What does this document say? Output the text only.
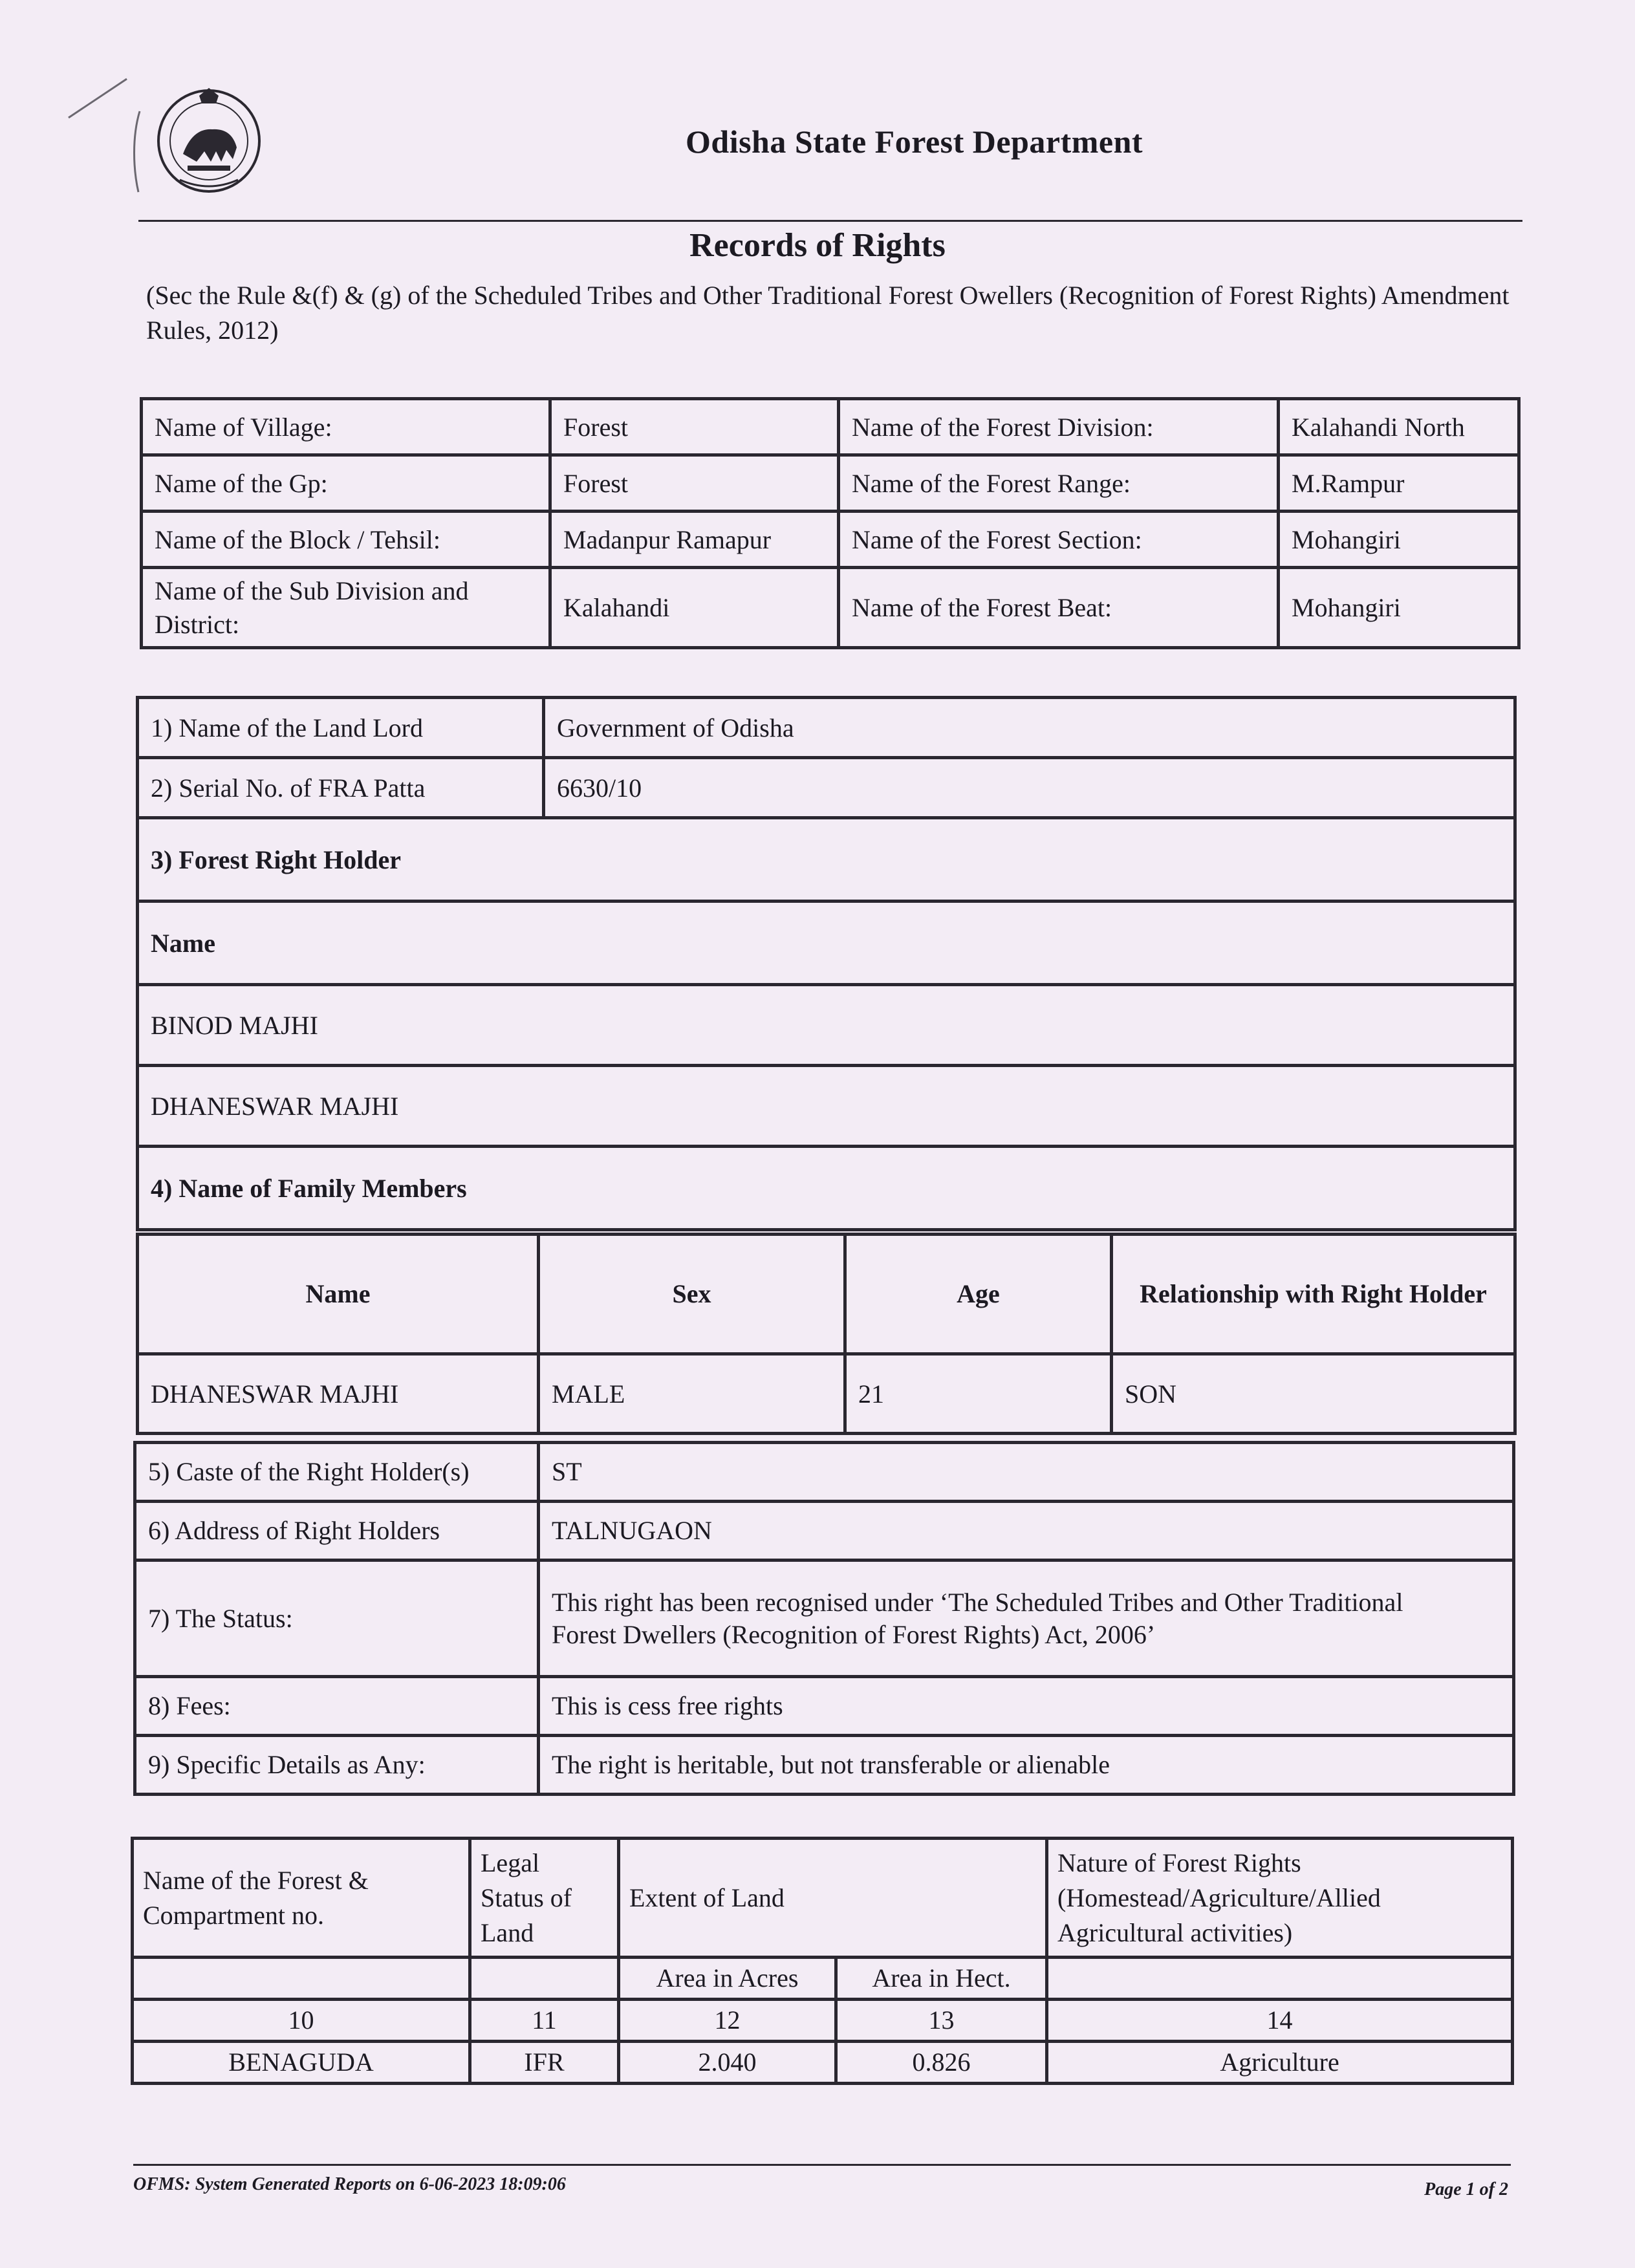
Odisha State Forest Department
Records of Rights
(Sec the Rule &(f) & (g) of the Scheduled Tribes and Other Traditional Forest Owellers (Recognition of Forest Rights) Amendment Rules, 2012)
Name of Village:	Forest	Name of the Forest Division:	Kalahandi North
Name of the Gp:	Forest	Name of the Forest Range:	M.Rampur
Name of the Block / Tehsil:	Madanpur Ramapur	Name of the Forest Section:	Mohangiri
Name of the Sub Division and District:	Kalahandi	Name of the Forest Beat:	Mohangiri
1) Name of the Land Lord	Government of Odisha
2) Serial No. of FRA Patta	6630/10
3) Forest Right Holder	
Name	
BINOD MAJHI	
DHANESWAR MAJHI	
4) Name of Family Members	
Name	Sex	Age	Relationship with Right Holder
DHANESWAR MAJHI	MALE	21	SON
5) Caste of the Right Holder(s)	ST
6) Address of Right Holders	TALNUGAON
7) The Status:	This right has been recognised under ‘The Scheduled Tribes and Other Traditional
Forest Dwellers (Recognition of Forest Rights) Act, 2006’

8) Fees:	This is cess free rights
9) Specific Details as Any:	The right is heritable, but not transferable or alienable
Name of the Forest & Compartment no.	Legal Status of Land	Extent of Land		Nature of Forest Rights (Homestead/Agriculture/Allied Agricultural activities)
		Area in Acres	Area in Hect.	
10	11	12	13	14
BENAGUDA	IFR	2.040	0.826	Agriculture
OFMS: System Generated Reports on 6-06-2023 18:09:06	Page 1 of 2
